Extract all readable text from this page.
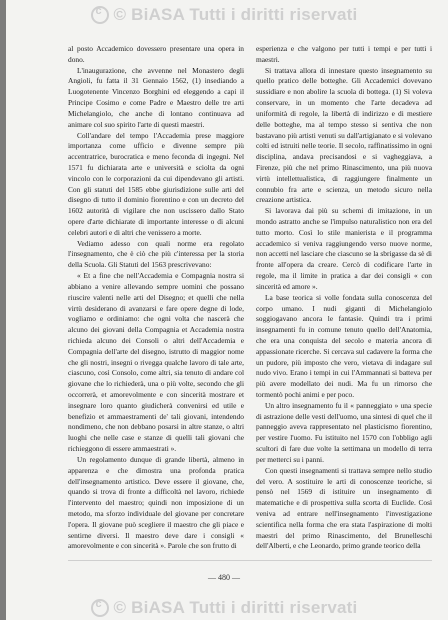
c
© BiASA Tutti i diritti riservati

al posto Accademico dovessero presentare una opera in dono.

L'inaugurazione, che avvenne nel Monastero degli Angioli, fu fatta il 31 Gennaio 1562, (1) insediando a Luogotenente Vincenzo Borghini ed eleggendo a capi il Principe Cosimo e come Padre e Maestro delle tre arti Michelangiolo, che anche di lontano continuava ad animare col suo spirito l'arte di questi maestri.

Coll'andare del tempo l'Accademia prese maggiore importanza come ufficio e divenne sempre più accentratrice, burocratica e meno feconda di ingegni. Nel 1571 fu dichiarata arte e università e sciolta da ogni vincolo con le corporazioni da cui dipendevano gli artisti. Con gli statuti del 1585 ebbe giurisdizione sulle arti del disegno di tutto il dominio fiorentino e con un decreto del 1602 autorità di vigilare che non uscissero dallo Stato opere d'arte dichiarate di importante interesse o di alcuni celebri autori e di altri che venissero a morte.

Vediamo adesso con quali norme era regolato l'insegnamento, che è ciò che più c'interessa per la storia della Scuola. Gli Statuti del 1563 prescrivevano:

« Et a fine che nell'Accademia e Compagnia nostra si abbiano a venire allevando sempre uomini che possano riuscire valenti nelle arti del Disegno; et quelli che nella virtù desiderano di avanzarsi e fare opere degne di lode, vogliamo e ordiniamo: che ogni volta che nascerà che alcuno dei giovani della Compagnia et Accademia nostra richieda alcuno dei Consoli o altri dell'Accademia e Compagnia dell'arte del disegno, istrutto di maggior nome che gli nostri, insegni o rivegga qualche lavoro di tale arte, ciascuno, così Consolo, come altri, sia tenuto di andare col giovane che lo richiederà, una o più volte, secondo che gli occorrerà, et amorevolmente e con sincerità mostrare et insegnare loro quanto giudicherà convenirsi ed utile e benefizio et ammaestramenti de' tali giovani, intendendo nondimeno, che non debbano posarsi in altre stanze, o altri luoghi che nelle case e stanze di quelli tali giovani che richieggono di essere ammaestrati ».

Un regolamento dunque di grande libertà, almeno in apparenza e che dimostra una profonda pratica dell'insegnamento artistico. Deve essere il giovane, che, quando si trova di fronte a difficoltà nel lavoro, richiede l'intervento del maestro; quindi non imposizione di un metodo, ma sforzo individuale del giovane per concretare l'opera. Il giovane può scegliere il maestro che gli piace e sentirne diversi. Il maestro deve dare i consigli « amorevolmente e con sincerità ». Parole che son frutto di

esperienza e che valgono per tutti i tempi e per tutti i maestri.

Si trattava allora di innestare questo insegnamento su quello pratico delle botteghe. Gli Accademici dovevano sussidiare e non abolire la scuola di bottega. (1) Si voleva conservare, in un momento che l'arte decadeva ad uniformità di regole, la libertà di indirizzo e di mestiere delle botteghe, ma al tempo stesso si sentiva che non bastavano più artisti venuti su dall'artigianato e si volevano colti ed istruiti nelle teorie. Il secolo, raffinatissimo in ogni disciplina, andava precisandosi e si vagheggiava, a Firenze, più che nel primo Rinascimento, una più nuova virtù intellettualistica, di raggiungere finalmente un connubio fra arte e scienza, un metodo sicuro nella creazione artistica.

Si lavorava dai più su schemi di imitazione, in un mondo astratto anche se l'impulso naturalistico non era del tutto morto. Così lo stile manierista e il programma accademico si veniva raggiungendo verso nuove norme, non accetti nel lasciare che ciascuno se la sbrigasse da sè di fronte all'opera da creare. Cercò di codificare l'arte in regole, ma il limite in pratica a dar dei consigli « con sincerità ed amore ».

La base teorica si volle fondata sulla conoscenza del corpo umano. I nudi giganti di Michelangiolo soggiogavano ancora le fantasie. Quindi tra i primi insegnamenti fu in comune tenuto quello dell'Anatomia, che era una conquista del secolo e materia ancora di appassionate ricerche. Si cercava sul cadavere la forma che un pudore, più imposto che vero, vietava di indagare sul nudo vivo. Erano i tempi in cui l'Ammannati si batteva per più avere modellato dei nudi. Ma fu un rimorso che tormentò pochi animi e per poco.

Un altro insegnamento fu il « panneggiato » una specie di astrazione delle vesti dell'uomo, una sintesi di quel che il panneggio aveva rappresentato nel plasticismo fiorentino, per vestire l'uomo. Fu istituito nel 1570 con l'obbligo agli scultori di fare due volte la settimana un modello di terra per metterci su i panni.

Con questi insegnamenti si trattava sempre nello studio del vero. A sostituire le arti di conoscenze teoriche, si pensò nel 1569 di istituire un insegnamento di matematiche e di prospettiva sulla scorta di Euclide. Così veniva ad entrare nell'insegnamento l'investigazione scientifica nella forma che era stata l'aspirazione di molti maestri del primo Rinascimento, del Brunelleschi dell'Alberti, e che Leonardo, primo grande teorico della

— 480 —
c
© BiASA Tutti i diritti riservati
